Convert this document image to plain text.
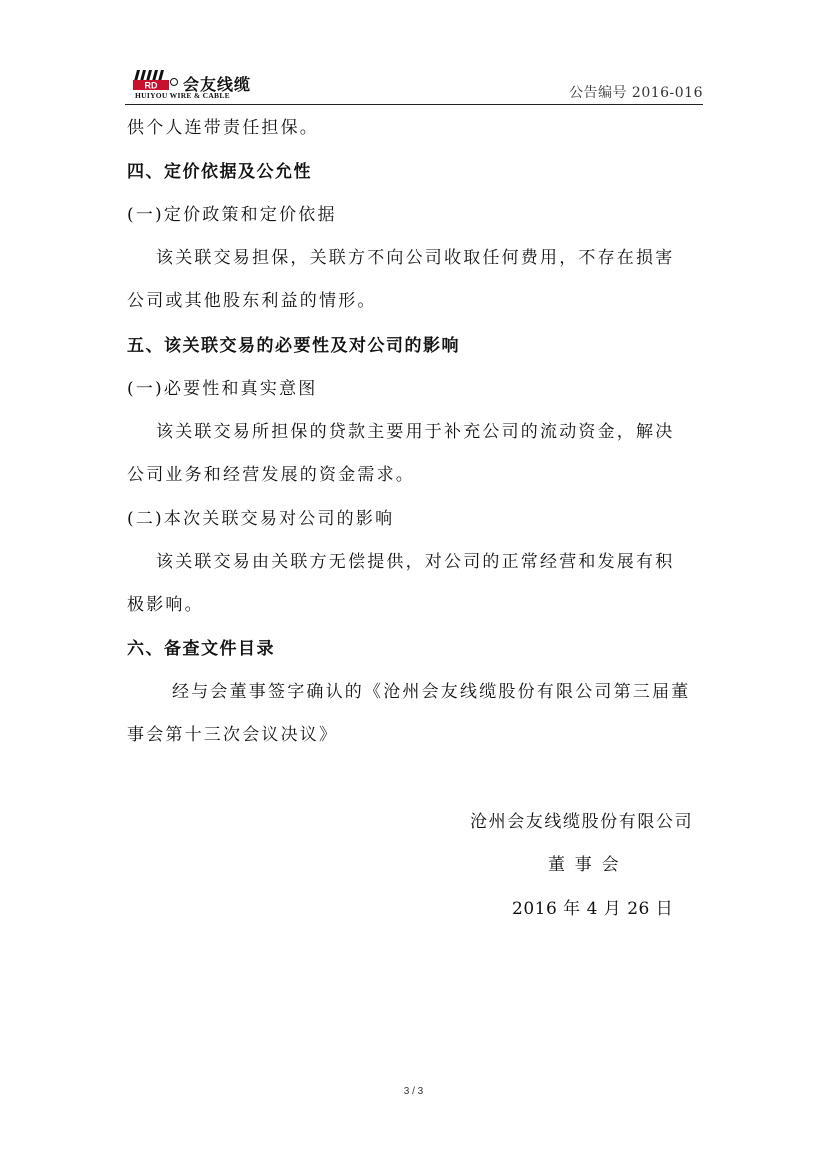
RD 会友线缆
HUIYOU WIRE & CABLE	公告编号 2016-016
供个人连带责任担保。
四、定价依据及公允性
(一)定价政策和定价依据
该关联交易担保，关联方不向公司收取任何费用，不存在损害
公司或其他股东利益的情形。
五、该关联交易的必要性及对公司的影响
(一)必要性和真实意图
该关联交易所担保的贷款主要用于补充公司的流动资金，解决
公司业务和经营发展的资金需求。
(二)本次关联交易对公司的影响
该关联交易由关联方无偿提供，对公司的正常经营和发展有积
极影响。
六、备查文件目录
经与会董事签字确认的《沧州会友线缆股份有限公司第三届董
事会第十三次会议决议》
沧州会友线缆股份有限公司
董 事 会
2016 年 4 月 26 日
3 / 3
